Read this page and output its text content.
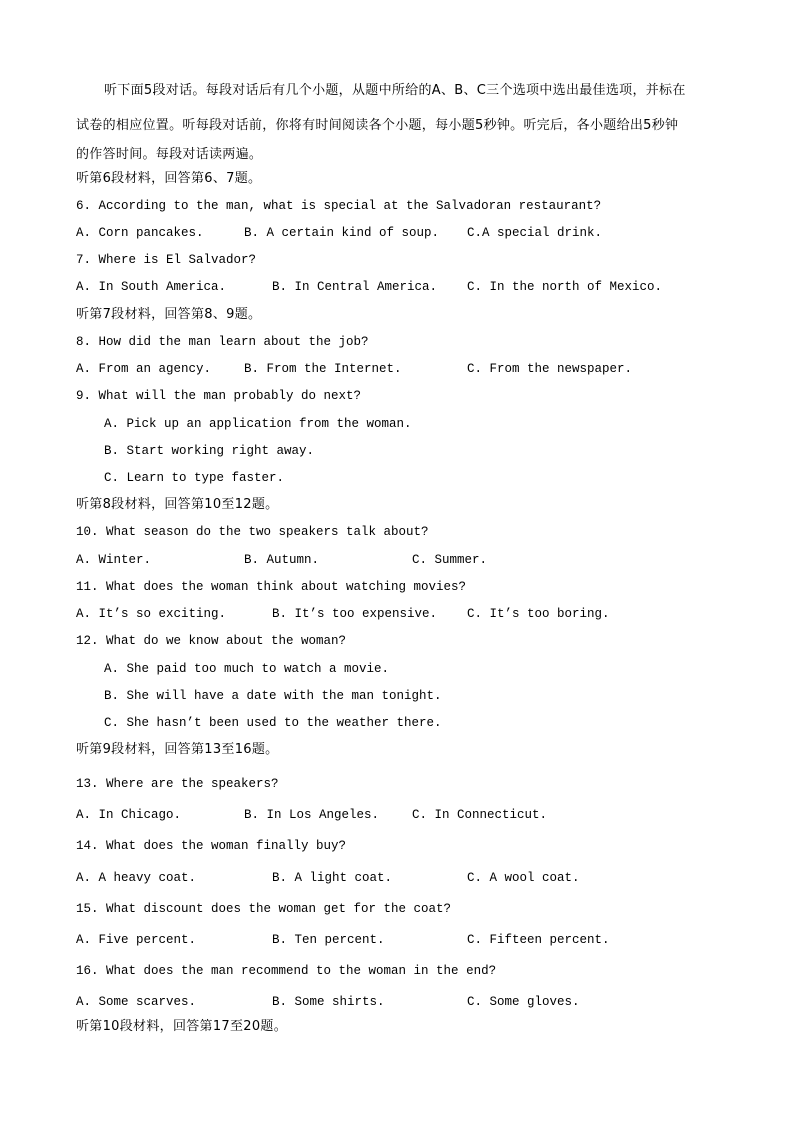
听下面5段对话。每段对话后有几个小题，从题中所给的A、B、C三个选项中选出最佳选项，并标在
试卷的相应位置。听每段对话前，你将有时间阅读各个小题，每小题5秒钟。听完后，各小题给出5秒钟
的作答时间。每段对话读两遍。
听第6段材料，回答第6、7题。
6. According to the man, what is special at the Salvadoran restaurant?
A. Corn pancakes.	B. A certain kind of soup. C.A special drink.
7. Where is El Salvador?
A. In South America.	B. In Central America. C. In the north of Mexico.
听第7段材料，回答第8、9题。
8. How did the man learn about the job?
A. From an agency.	B. From the Internet.	C. From the newspaper.
9. What will the man probably do next?
A. Pick up an application from the woman.
B. Start working right away.
C. Learn to type faster.
听第8段材料，回答第10至12题。
10. What season do the two speakers talk about?
A. Winter.	B. Autumn.	C. Summer.
11. What does the woman think about watching movies?
A. It’s so exciting.	B. It’s too expensive. C. It’s too boring.
12. What do we know about the woman?
A. She paid too much to watch a movie.
B. She will have a date with the man tonight.
C. She hasn’t been used to the weather there.
听第9段材料，回答第13至16题。
13. Where are the speakers?
A. In Chicago.	B. In Los Angeles.	C. In Connecticut.
14. What does the woman finally buy?
A. A heavy coat.	B. A light coat.	C. A wool coat.
15. What discount does the woman get for the coat?
A. Five percent.	B. Ten percent.	C. Fifteen percent.
16. What does the man recommend to the woman in the end?
A. Some scarves.	B. Some shirts.	C. Some gloves.
听第10段材料，回答第17至20题。
